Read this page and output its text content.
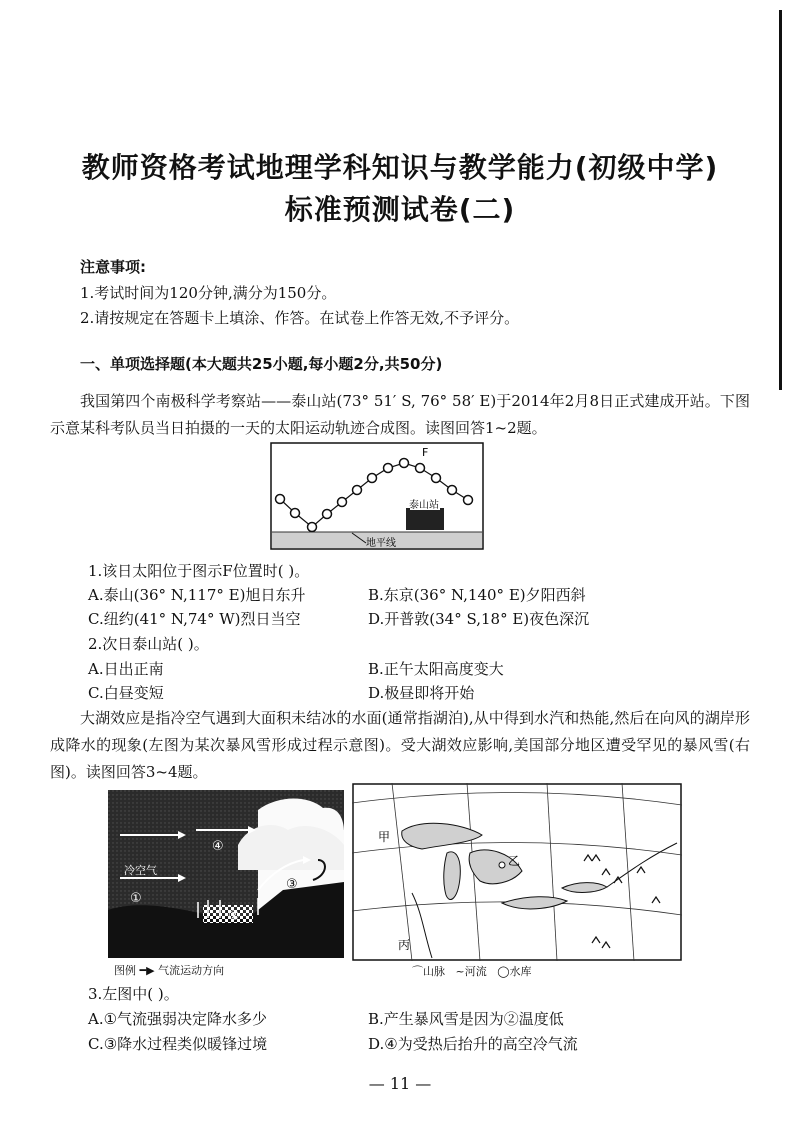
教师资格考试地理学科知识与教学能力(初级中学)
标准预测试卷(二)
注意事项:
1.考试时间为120分钟,满分为150分。
2.请按规定在答题卡上填涂、作答。在试卷上作答无效,不予评分。
一、单项选择题(本大题共25小题,每小题2分,共50分)
我国第四个南极科学考察站——泰山站(73° 51′ S, 76° 58′ E)于2014年2月8日正式建成开站。下图示意某科考队员当日拍摄的一天的太阳运动轨迹合成图。读图回答1~2题。
F
泰山站
地平线
1.该日太阳位于图示F位置时( )。
A.泰山(36° N,117° E)旭日东升	B.东京(36° N,140° E)夕阳西斜
C.纽约(41° N,74° W)烈日当空	D.开普敦(34° S,18° E)夜色深沉
2.次日泰山站( )。
A.日出正南	B.正午太阳高度变大
C.白昼变短	D.极昼即将开始
大湖效应是指冷空气遇到大面积未结冰的水面(通常指湖泊),从中得到水汽和热能,然后在向风的湖岸形成降水的现象(左图为某次暴风雪形成过程示意图)。受大湖效应影响,美国部分地区遭受罕见的暴风雪(右图)。读图回答3~4题。
冷空气
①
②
③
④
图例 ━▶ 气流运动方向
甲
乙
丙
⌒山脉 ~河流 ◯水库
3.左图中( )。
A.①气流强弱决定降水多少	B.产生暴风雪是因为②温度低
C.③降水过程类似暖锋过境	D.④为受热后抬升的高空冷气流
— 11 —
